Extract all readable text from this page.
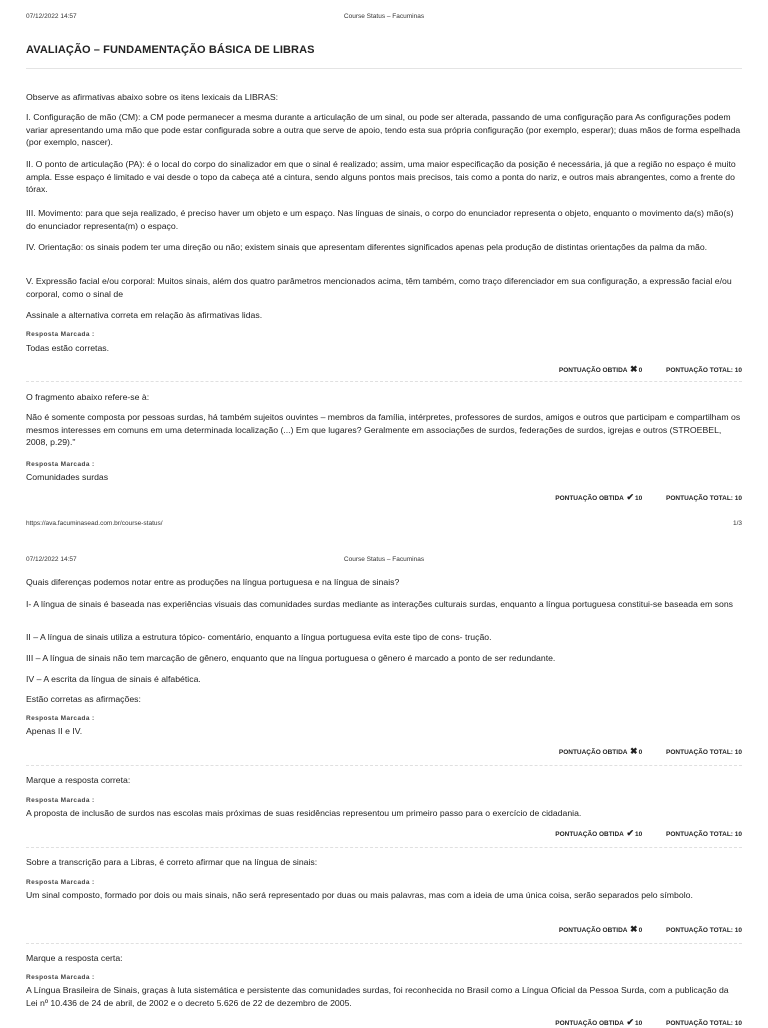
07/12/2022 14:57	Course Status – Facuminas
AVALIAÇÃO – FUNDAMENTAÇÃO BÁSICA DE LIBRAS
Observe as afirmativas abaixo sobre os itens lexicais da LIBRAS:
I. Configuração de mão (CM): a CM pode permanecer a mesma durante a articulação de um sinal, ou pode ser alterada, passando de uma configuração para As configurações podem variar apresentando uma mão que pode estar configurada sobre a outra que serve de apoio, tendo esta sua própria configuração (por exemplo, esperar); duas mãos de forma espelhada (por exemplo, nascer).
II. O ponto de articulação (PA): é o local do corpo do sinalizador em que o sinal é realizado; assim, uma maior especificação da posição é necessária, já que a região no espaço é muito ampla. Esse espaço é limitado e vai desde o topo da cabeça até a cintura, sendo alguns pontos mais precisos, tais como a ponta do nariz, e outros mais abrangentes, como a frente do tórax.
III. Movimento: para que seja realizado, é preciso haver um objeto e um espaço. Nas línguas de sinais, o corpo do enunciador representa o objeto, enquanto o movimento da(s) mão(s) do enunciador representa(m) o espaço.
IV. Orientação: os sinais podem ter uma direção ou não; existem sinais que apresentam diferentes significados apenas pela produção de distintas orientações da palma da mão.
V. Expressão facial e/ou corporal: Muitos sinais, além dos quatro parâmetros mencionados acima, têm também, como traço diferenciador em sua configuração, a expressão facial e/ou corporal, como o sinal de
Assinale a alternativa correta em relação às afirmativas lidas.
Resposta Marcada :
Todas estão corretas.
PONTUAÇÃO OBTIDA ✖0	PONTUAÇÃO TOTAL: 10
O fragmento abaixo refere-se à:
Não é somente composta por pessoas surdas, há também sujeitos ouvintes – membros da família, intérpretes, professores de surdos, amigos e outros que participam e compartilham os mesmos interesses em comuns em uma determinada localização (...) Em que lugares? Geralmente em associações de surdos, federações de surdos, igrejas e outros (STROEBEL, 2008, p.29)."
Resposta Marcada :
Comunidades surdas
PONTUAÇÃO OBTIDA ✔10	PONTUAÇÃO TOTAL: 10
https://ava.facuminasead.com.br/course-status/	1/3
07/12/2022 14:57	Course Status – Facuminas
Quais diferenças podemos notar entre as produções na língua portuguesa e na língua de sinais?
I- A língua de sinais é baseada nas experiências visuais das comunidades surdas mediante as interações culturais surdas, enquanto a língua portuguesa constitui-se baseada em sons
II – A língua de sinais utiliza a estrutura tópico- comentário, enquanto a língua portuguesa evita este tipo de cons- trução.
III – A língua de sinais não tem marcação de gênero, enquanto que na língua portuguesa o gênero é marcado a ponto de ser redundante.
IV – A escrita da língua de sinais é alfabética.
Estão corretas as afirmações:
Resposta Marcada :
Apenas II e IV.
PONTUAÇÃO OBTIDA ✖0	PONTUAÇÃO TOTAL: 10
Marque a resposta correta:
Resposta Marcada :
A proposta de inclusão de surdos nas escolas mais próximas de suas residências representou um primeiro passo para o exercício de cidadania.
PONTUAÇÃO OBTIDA ✔10	PONTUAÇÃO TOTAL: 10
Sobre a transcrição para a Libras, é correto afirmar que na língua de sinais:
Resposta Marcada :
Um sinal composto, formado por dois ou mais sinais, não será representado por duas ou mais palavras, mas com a ideia de uma única coisa, serão separados pelo símbolo.
PONTUAÇÃO OBTIDA ✖0	PONTUAÇÃO TOTAL: 10
Marque a resposta certa:
Resposta Marcada :
A Língua Brasileira de Sinais, graças à luta sistemática e persistente das comunidades surdas, foi reconhecida no Brasil como a Língua Oficial da Pessoa Surda, com a publicação da Lei nº 10.436 de 24 de abril, de 2002 e o decreto 5.626 de 22 de dezembro de 2005.
PONTUAÇÃO OBTIDA ✔10	PONTUAÇÃO TOTAL: 10
